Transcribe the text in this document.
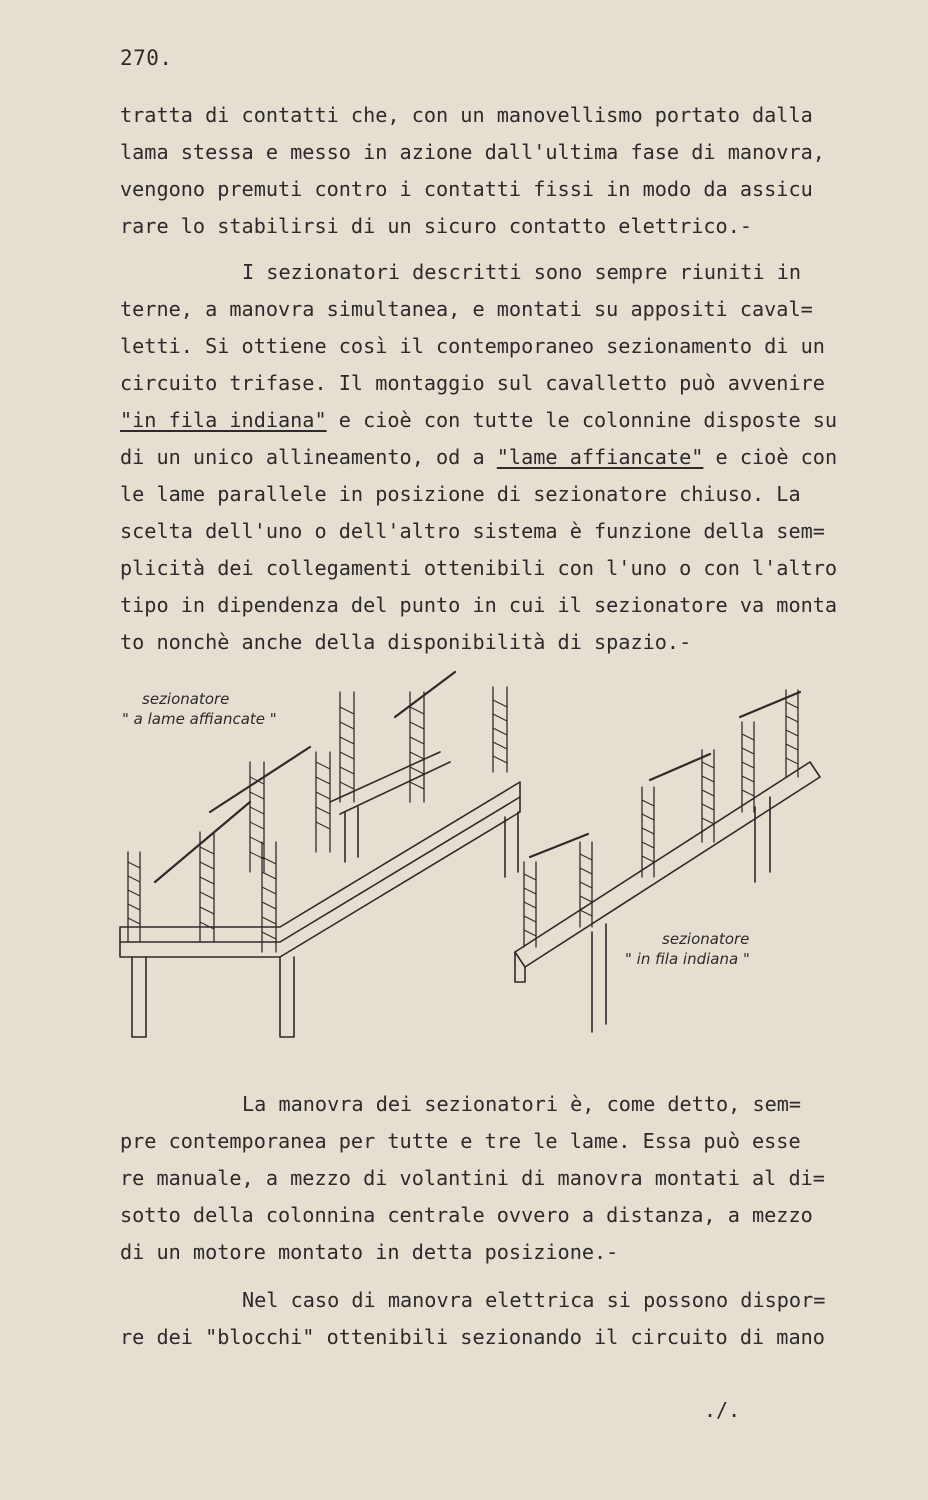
270.

tratta di contatti che, con un manovellismo portato dalla
lama stessa e messo in azione dall'ultima fase di manovra,
vengono premuti contro i contatti fissi in modo da assicu
rare lo stabilirsi di un sicuro contatto elettrico.-

I sezionatori descritti sono sempre riuniti in
terne, a manovra simultanea, e montati su appositi caval=
letti. Si ottiene così il contemporaneo sezionamento di un
circuito trifase. Il montaggio sul cavalletto può avvenire
"in fila indiana" e cioè con tutte le colonnine disposte su
di un unico allineamento, od a "lame affiancate" e cioè con
le lame parallele in posizione di sezionatore chiuso. La
scelta dell'uno o dell'altro sistema è funzione della sem=
plicità dei collegamenti ottenibili con l'uno o con l'altro
tipo in dipendenza del punto in cui il sezionatore va monta
to nonchè anche della disponibilità di spazio.-

sezionatore
" a lame affiancate "
sezionatore
" in fila indiana "

La manovra dei sezionatori è, come detto, sem=
pre contemporanea per tutte e tre le lame. Essa può esse
re manuale, a mezzo di volantini di manovra montati al di=
sotto della colonnina centrale ovvero a distanza, a mezzo
di un motore montato in detta posizione.-

Nel caso di manovra elettrica si possono dispor=
re dei "blocchi" ottenibili sezionando il circuito di mano

./.
